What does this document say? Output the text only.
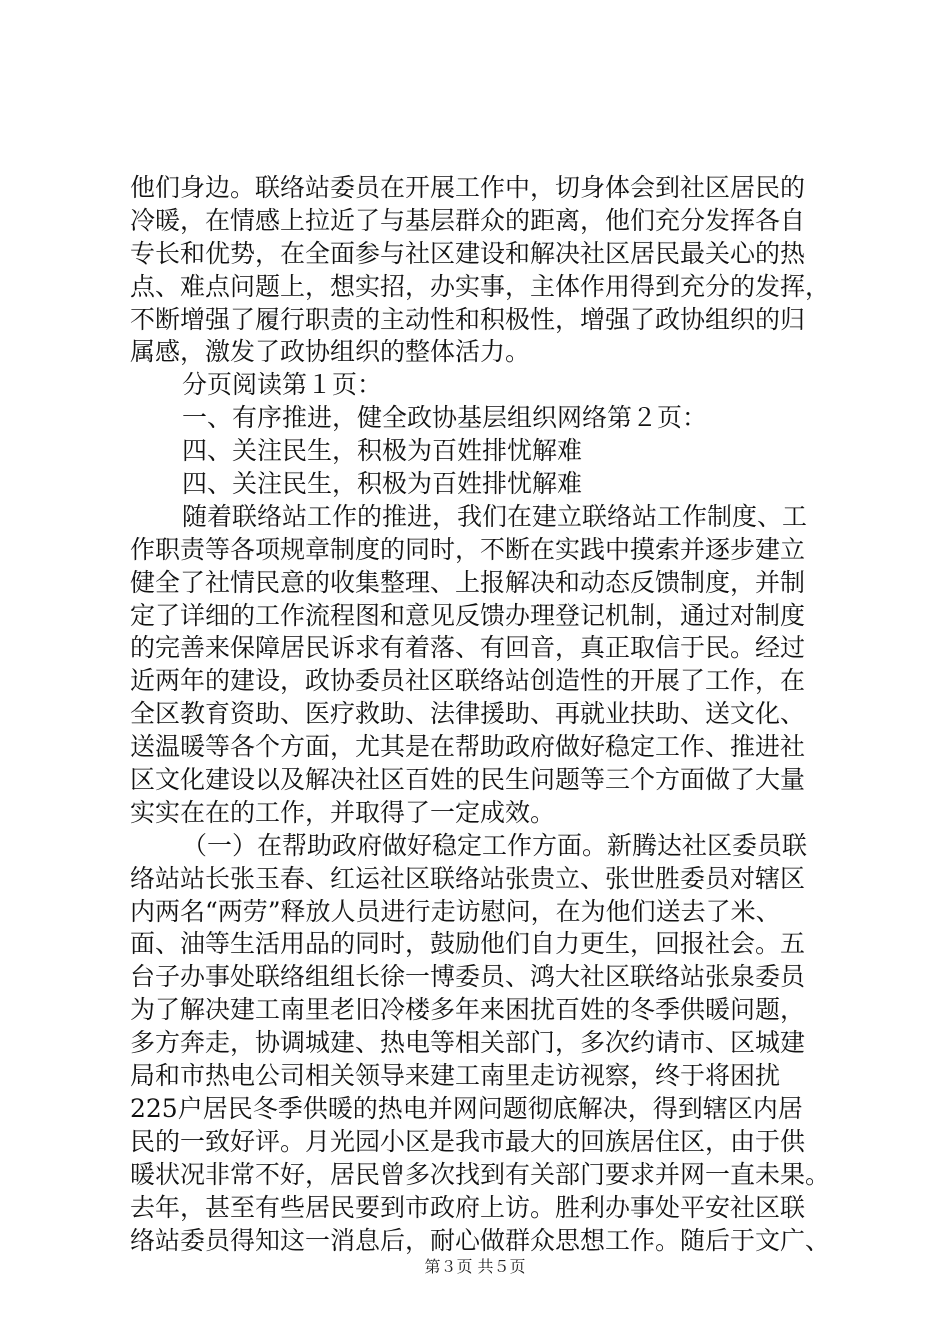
他们身边。联络站委员在开展工作中，切身体会到社区居民的
冷暖，在情感上拉近了与基层群众的距离，他们充分发挥各自
专长和优势，在全面参与社区建设和解决社区居民最关心的热
点、难点问题上，想实招，办实事，主体作用得到充分的发挥，
不断增强了履行职责的主动性和积极性，增强了政协组织的归
属感，激发了政协组织的整体活力。
分页阅读第１页：
一、有序推进，健全政协基层组织网络第２页：
四、关注民生，积极为百姓排忧解难
四、关注民生，积极为百姓排忧解难
随着联络站工作的推进，我们在建立联络站工作制度、工
作职责等各项规章制度的同时，不断在实践中摸索并逐步建立
健全了社情民意的收集整理、上报解决和动态反馈制度，并制
定了详细的工作流程图和意见反馈办理登记机制，通过对制度
的完善来保障居民诉求有着落、有回音，真正取信于民。经过
近两年的建设，政协委员社区联络站创造性的开展了工作，在
全区教育资助、医疗救助、法律援助、再就业扶助、送文化、
送温暖等各个方面，尤其是在帮助政府做好稳定工作、推进社
区文化建设以及解决社区百姓的民生问题等三个方面做了大量
实实在在的工作，并取得了一定成效。
（一）在帮助政府做好稳定工作方面。新腾达社区委员联
络站站长张玉春、红运社区联络站张贵立、张世胜委员对辖区
内两名“两劳”释放人员进行走访慰问，在为他们送去了米、
面、油等生活用品的同时，鼓励他们自力更生，回报社会。五
台子办事处联络组组长徐一博委员、鸿大社区联络站张泉委员
为了解决建工南里老旧冷楼多年来困扰百姓的冬季供暖问题，
多方奔走，协调城建、热电等相关部门，多次约请市、区城建
局和市热电公司相关领导来建工南里走访视察，终于将困扰
225户居民冬季供暖的热电并网问题彻底解决，得到辖区内居
民的一致好评。月光园小区是我市最大的回族居住区，由于供
暖状况非常不好，居民曾多次找到有关部门要求并网一直未果。
去年，甚至有些居民要到市政府上访。胜利办事处平安社区联
络站委员得知这一消息后，耐心做群众思想工作。随后于文广、
第３页 共５页
